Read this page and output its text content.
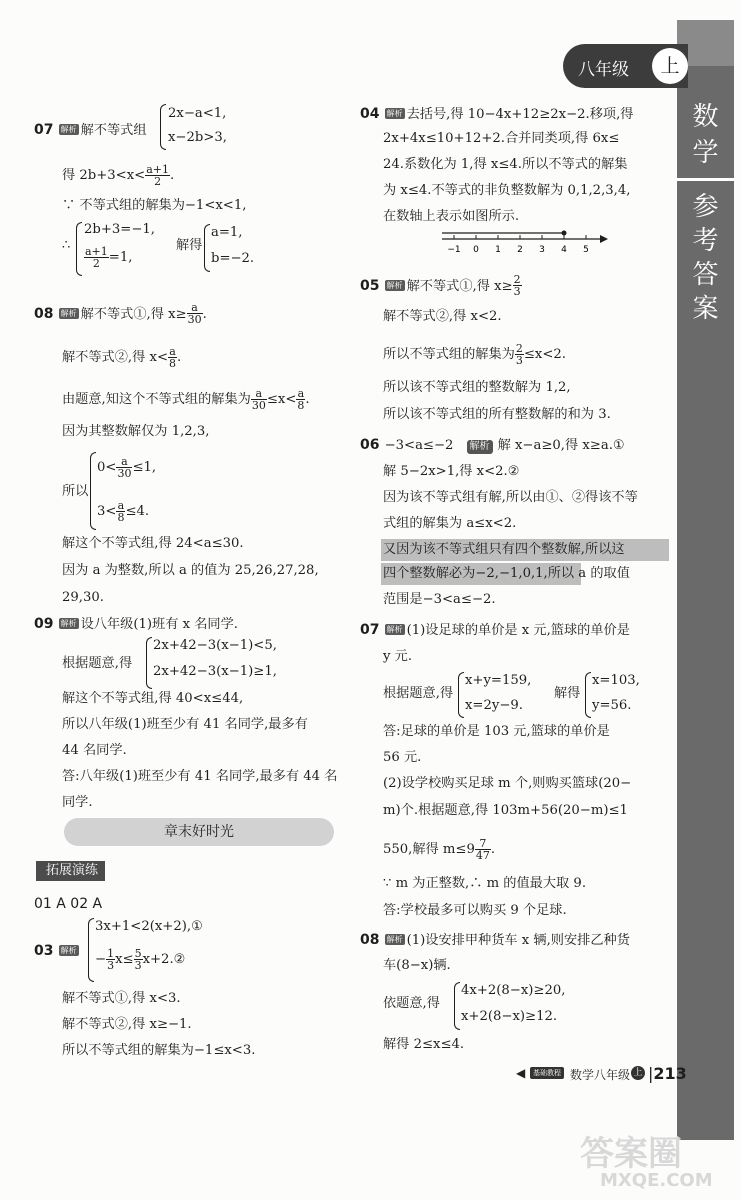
八年级	上
数
学
参
考
答
案
07 解析 解不等式组
2x−a<1,
x−2b>3,
得 $2b+3<x< \frac{a+1}{2}$ .
∵ 不等式组的解集为−1<x<1,
∴
2b+3=−1,
$\frac{a+1}{2} =1$,
解得
a=1,
b=−2.
08 解析 解不等式①,得 $x\ge \frac{a}{30}$ .
解不等式②,得 $x< \frac{a}{8}$ .
由题意,知这个不等式组的解集为 $\frac{a}{30} \le x< \frac{a}{8}$ .
因为其整数解仅为 1,2,3,
所以
$0< \frac{a}{30} \le 1$,
$3< \frac{a}{8} \le 4$.
解这个不等式组,得 24<a≤30.
因为 a 为整数,所以 a 的值为 25,26,27,28,
29,30.
09 解析 设八年级(1)班有 x 名同学.
根据题意,得
2x+42−3(x−1)<5,
2x+42−3(x−1)≥1,
解这个不等式组,得 40<x≤44,
所以八年级(1)班至少有 41 名同学,最多有
44 名同学.
答:八年级(1)班至少有 41 名同学,最多有 44 名
同学.
章末好时光
拓展演练
01 A 02 A
03 解析
3x+1<2(x+2),①
− $\frac{1}{3} x\le \frac{5}{3}$ x+2.②
解不等式①,得 x<3.
解不等式②,得 x≥−1.
所以不等式组的解集为−1≤x<3.
04 解析 去括号,得 10−4x+12≥2x−2.移项,得
2x+4x≤10+12+2.合并同类项,得 6x≤
24.系数化为 1,得 x≤4.所以不等式的解集
为 x≤4.不等式的非负整数解为 0,1,2,3,4,
在数轴上表示如图所示.
−1 0 1 2 3 4 5
05 解析 解不等式①,得 $x\ge \frac{2}{3}$
解不等式②,得 x<2.
所以不等式组的解集为 $\frac{2}{3} \le x<2$.
所以该不等式组的整数解为 1,2,
所以该不等式组的所有整数解的和为 3.
06 −3<a≤−2 解析 解 x−a≥0,得 x≥a.①
解 5−2x>1,得 x<2.②
因为该不等式组有解,所以由①、②得该不等
式组的解集为 a≤x<2.
又因为该不等式组只有四个整数解,所以这
四个整数解必为−2,−1,0,1,所以 a 的取值
范围是−3<a≤−2.
07 解析 (1)设足球的单价是 x 元,篮球的单价是
y 元.
根据题意,得
x+y=159,
x=2y−9.
解得
x=103,
y=56.
答:足球的单价是 103 元,篮球的单价是
56 元.
(2)设学校购买足球 m 个,则购买篮球(20−
m)个.根据题意,得 103m+56(20−m)≤1
550,解得 $m\le 9 \frac{7}{47}$ .
∵ m 为正整数,∴ m 的值最大取 9.
答:学校最多可以购买 9 个足球.
08 解析 (1)设安排甲种货车 x 辆,则安排乙种货
车(8−x)辆.
依题意,得
4x+2(8−x)≥20,
x+2(8−x)≥12.
解得 2≤x≤4.
◀	基础教程 数学八年级 上 |213
答案圈
MXQE.COM
